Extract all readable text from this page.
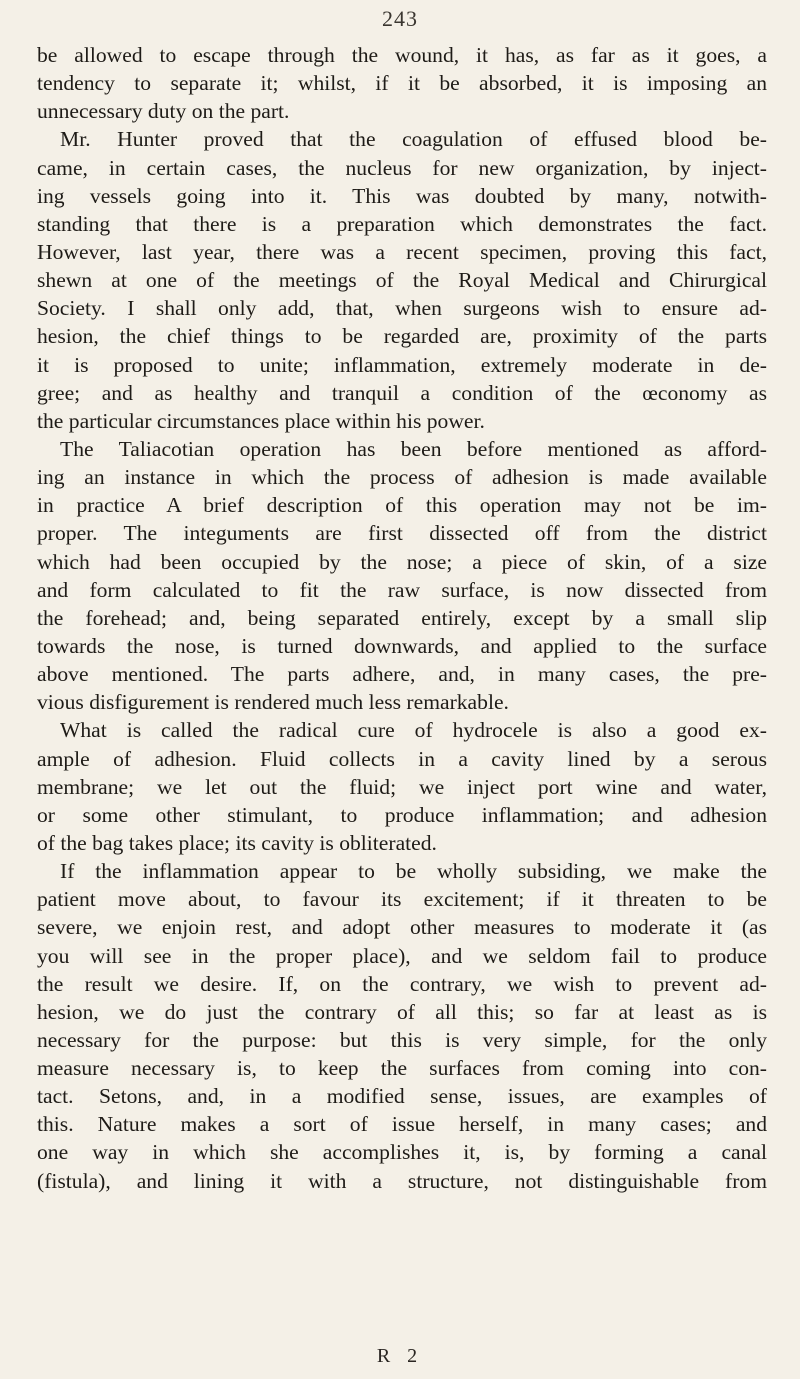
243
be allowed to escape through the wound, it has, as far as it goes, a
tendency to separate it; whilst, if it be absorbed, it is imposing an
unnecessary duty on the part.
Mr. Hunter proved that the coagulation of effused blood be-
came, in certain cases, the nucleus for new organization, by inject-
ing vessels going into it. This was doubted by many, notwith-
standing that there is a preparation which demonstrates the fact.
However, last year, there was a recent specimen, proving this fact,
shewn at one of the meetings of the Royal Medical and Chirurgical
Society. I shall only add, that, when surgeons wish to ensure ad-
hesion, the chief things to be regarded are, proximity of the parts
it is proposed to unite; inflammation, extremely moderate in de-
gree; and as healthy and tranquil a condition of the œconomy as
the particular circumstances place within his power.
The Taliacotian operation has been before mentioned as afford-
ing an instance in which the process of adhesion is made available
in practice A brief description of this operation may not be im-
proper. The integuments are first dissected off from the district
which had been occupied by the nose; a piece of skin, of a size
and form calculated to fit the raw surface, is now dissected from
the forehead; and, being separated entirely, except by a small slip
towards the nose, is turned downwards, and applied to the surface
above mentioned. The parts adhere, and, in many cases, the pre-
vious disfigurement is rendered much less remarkable.
What is called the radical cure of hydrocele is also a good ex-
ample of adhesion. Fluid collects in a cavity lined by a serous
membrane; we let out the fluid; we inject port wine and water,
or some other stimulant, to produce inflammation; and adhesion
of the bag takes place; its cavity is obliterated.
If the inflammation appear to be wholly subsiding, we make the
patient move about, to favour its excitement; if it threaten to be
severe, we enjoin rest, and adopt other measures to moderate it (as
you will see in the proper place), and we seldom fail to produce
the result we desire. If, on the contrary, we wish to prevent ad-
hesion, we do just the contrary of all this; so far at least as is
necessary for the purpose: but this is very simple, for the only
measure necessary is, to keep the surfaces from coming into con-
tact. Setons, and, in a modified sense, issues, are examples of
this. Nature makes a sort of issue herself, in many cases; and
one way in which she accomplishes it, is, by forming a canal
(fistula), and lining it with a structure, not distinguishable from
R 2
